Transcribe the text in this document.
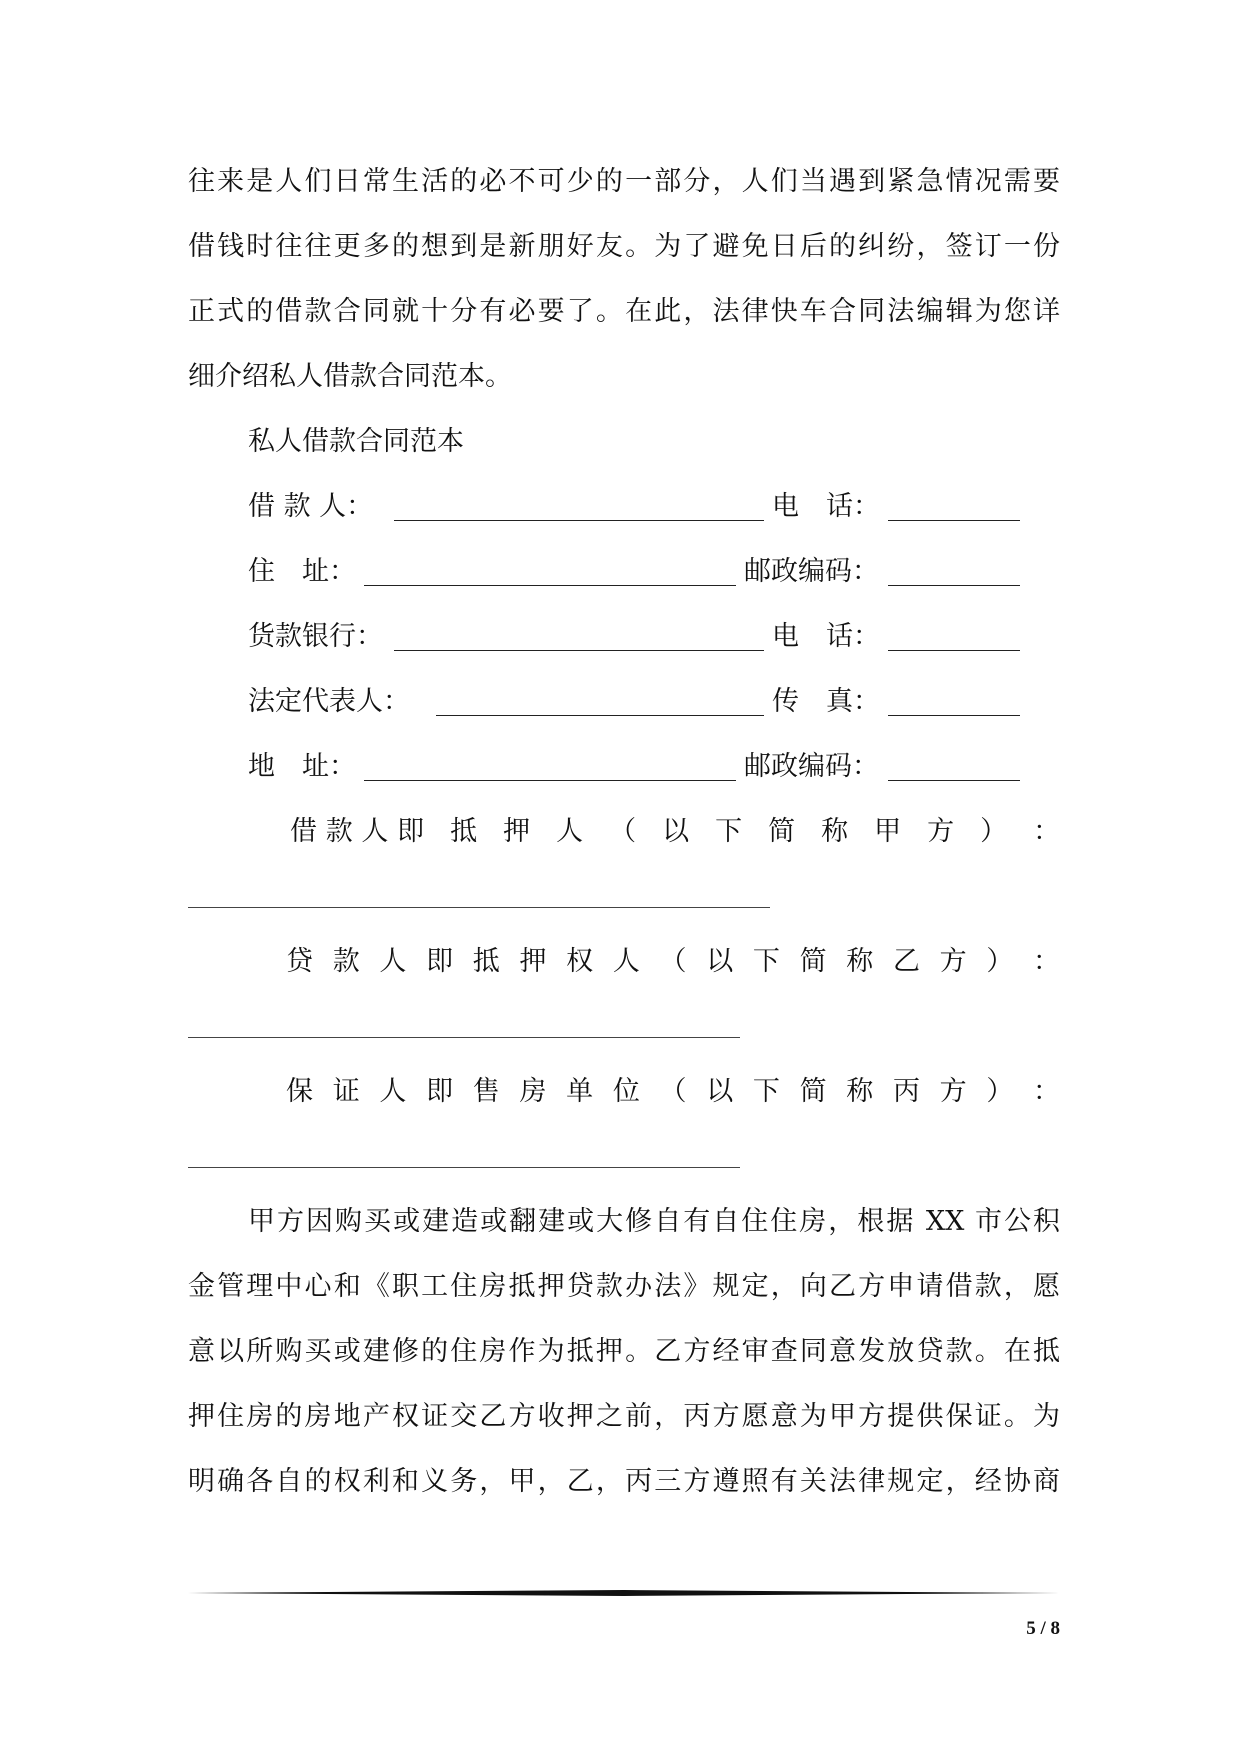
往来是人们日常生活的必不可少的一部分，人们当遇到紧急情况需要
借钱时往往更多的想到是新朋好友。为了避免日后的纠纷，签订一份
正式的借款合同就十分有必要了。在此，法律快车合同法编辑为您详
细介绍私人借款合同范本。
私人借款合同范本
借 款 人：	电　话：
住　址：	邮政编码：
货款银行：	电　话：
法定代表人：	传　真：
地　址：	邮政编码：
借款人即 抵 押 人 （ 以 下 简 称 甲 方 ） ：
贷 款 人 即 抵 押 权 人 （ 以 下 简 称 乙 方 ） ：
保 证 人 即 售 房 单 位 （ 以 下 简 称 丙 方 ） ：
甲方因购买或建造或翻建或大修自有自住住房，根据 XX 市公积
金管理中心和《职工住房抵押贷款办法》规定，向乙方申请借款，愿
意以所购买或建修的住房作为抵押。乙方经审查同意发放贷款。在抵
押住房的房地产权证交乙方收押之前，丙方愿意为甲方提供保证。为
明确各自的权利和义务，甲，乙，丙三方遵照有关法律规定，经协商
5 / 8
